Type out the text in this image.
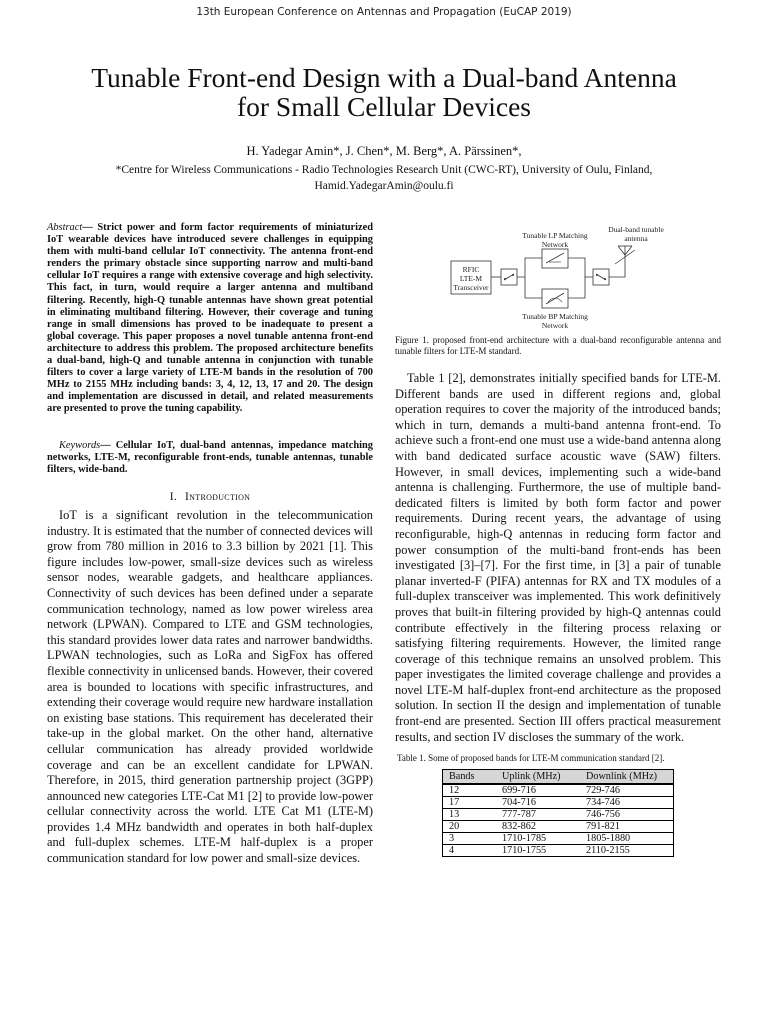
13th European Conference on Antennas and Propagation (EuCAP 2019)
Tunable Front-end Design with a Dual-band Antenna
for Small Cellular Devices
H. Yadegar Amin*, J. Chen*, M. Berg*, A. Pärssinen*,
*Centre for Wireless Communications - Radio Technologies Research Unit (CWC-RT), University of Oulu, Finland,
Hamid.YadegarAmin@oulu.fi
Abstract— Strict power and form factor requirements of miniaturized IoT wearable devices have introduced severe challenges in equipping them with multi-band cellular IoT connectivity. The antenna front-end renders the primary obstacle since supporting narrow and multi-band cellular IoT requires a range with extensive coverage and high selectivity. This fact, in turn, would require a larger antenna and multiband filtering. Recently, high-Q tunable antennas have shown great potential in eliminating multiband filtering. However, their coverage and tuning range in small dimensions has proved to be inadequate to present a global coverage. This paper proposes a novel tunable antenna front-end architecture to address this problem. The proposed architecture benefits a dual-band, high-Q and tunable antenna in conjunction with tunable filters to cover a large variety of LTE-M bands in the resolution of 700 MHz to 2155 MHz including bands: 3, 4, 12, 13, 17 and 20. The design and implementation are discussed in detail, and related measurements are presented to prove the tuning capability.
Keywords— Cellular IoT, dual-band antennas, impedance matching networks, LTE-M, reconfigurable front-ends, tunable antennas, tunable filters, wide-band.
I. Introduction
IoT is a significant revolution in the telecommunication industry. It is estimated that the number of connected devices will grow from 780 million in 2016 to 3.3 billion by 2021 [1]. This figure includes low-power, small-size devices such as wireless sensor nodes, wearable gadgets, and healthcare appliances. Connectivity of such devices has been defined under a separate communication technology, named as low power wireless area network (LPWAN). Compared to LTE and GSM technologies, this standard provides lower data rates and narrower bandwidths. LPWAN technologies, such as LoRa and SigFox has offered flexible connectivity in unlicensed bands. However, their covered area is bounded to locations with specific infrastructures, and extending their coverage would require new hardware installation on existing base stations. This requirement has decelerated their take-up in the global market. On the other hand, alternative cellular communication has already provided worldwide coverage and can be an excellent candidate for LPWAN. Therefore, in 2015, third generation partnership project (3GPP) announced new categories LTE-Cat M1 [2] to provide low-power cellular connectivity across the world. LTE Cat M1 (LTE-M) provides 1.4 MHz bandwidth and operates in both half-duplex and full-duplex schemes. LTE-M half-duplex is a proper communication standard for low power and small-size devices.
Tunable LP Matching
Network
Dual-band tunable
antenna
RFIC
LTE-M
Transceiver
Tunable BP Matching
Network
Figure 1. proposed front-end architecture with a dual-band reconfigurable antenna and tunable filters for LTE-M standard.
Table 1 [2], demonstrates initially specified bands for LTE-M. Different bands are used in different regions and, global operation requires to cover the majority of the introduced bands; which in turn, demands a multi-band antenna front-end. To achieve such a front-end one must use a wide-band antenna along with band dedicated surface acoustic wave (SAW) filters. However, in small devices, implementing such a wide-band antenna is challenging. Furthermore, the use of multiple band-dedicated filters is limited by both form factor and power requirements. During recent years, the advantage of using reconfigurable, high-Q antennas in reducing form factor and power consumption of the multi-band front-ends has been investigated [3]–[7]. For the first time, in [3] a pair of tunable planar inverted-F (PIFA) antennas for RX and TX modules of a full-duplex transceiver was implemented. This work definitively proves that built-in filtering provided by high-Q antennas could contribute effectively in the filtering process relaxing or satisfying filtering requirements. However, the limited range coverage of this technique remains an unsolved problem. This paper investigates the limited coverage challenge and provides a novel LTE-M half-duplex front-end architecture as the proposed solution. In section II the design and implementation of tunable front-end are presented. Section III offers practical measurement results, and section IV discloses the summary of the work.
Table 1. Some of proposed bands for LTE-M communication standard [2].
Bands	Uplink (MHz)	Downlink (MHz)
12	699-716	729-746
17	704-716	734-746
13	777-787	746-756
20	832-862	791-821
3	1710-1785	1805-1880
4	1710-1755	2110-2155
